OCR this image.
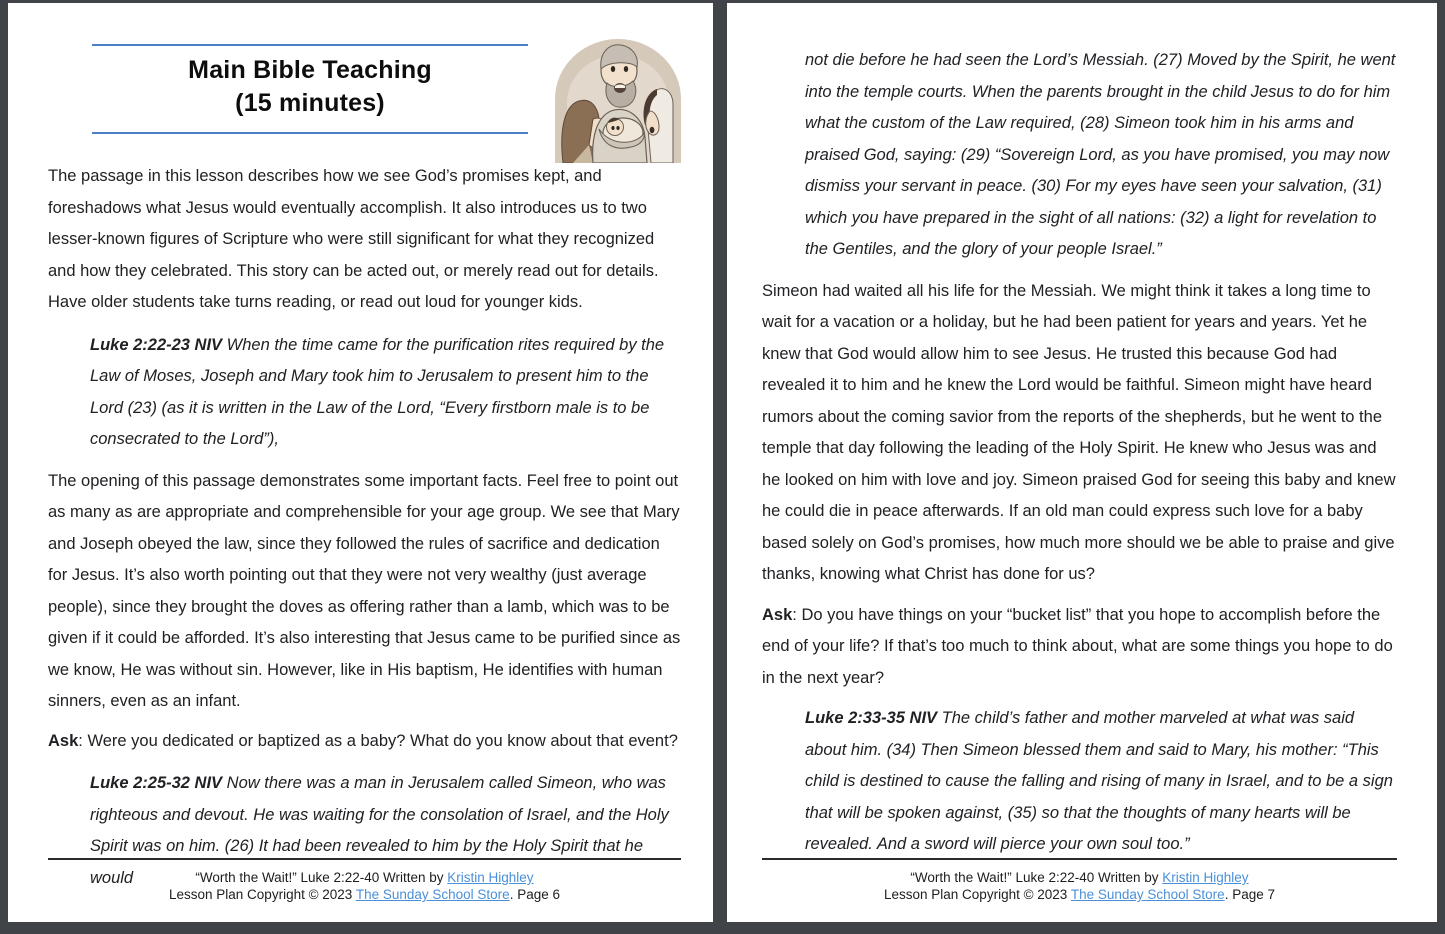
Main Bible Teaching
(15 minutes)

The passage in this lesson describes how we see God’s promises kept, and foreshadows what Jesus would eventually accomplish. It also introduces us to two lesser-known figures of Scripture who were still significant for what they recognized and how they celebrated. This story can be acted out, or merely read out for details. Have older students take turns reading, or read out loud for younger kids.

Luke 2:22-23 NIV When the time came for the purification rites required by the Law of Moses, Joseph and Mary took him to Jerusalem to present him to the Lord (23) (as it is written in the Law of the Lord, “Every firstborn male is to be consecrated to the Lord”),

The opening of this passage demonstrates some important facts. Feel free to point out as many as are appropriate and comprehensible for your age group. We see that Mary and Joseph obeyed the law, since they followed the rules of sacrifice and dedication for Jesus. It’s also worth pointing out that they were not very wealthy (just average people), since they brought the doves as offering rather than a lamb, which was to be given if it could be afforded. It’s also interesting that Jesus came to be purified since as we know, He was without sin. However, like in His baptism, He identifies with human sinners, even as an infant.

Ask: Were you dedicated or baptized as a baby? What do you know about that event?

Luke 2:25-32 NIV Now there was a man in Jerusalem called Simeon, who was righteous and devout. He was waiting for the consolation of Israel, and the Holy Spirit was on him. (26) It had been revealed to him by the Holy Spirit that he would	“Worth the Wait!” Luke 2:22-40 Written by Kristin Highley
Lesson Plan Copyright © 2023 The Sunday School Store. Page 6

not die before he had seen the Lord’s Messiah. (27) Moved by the Spirit, he went into the temple courts. When the parents brought in the child Jesus to do for him what the custom of the Law required, (28) Simeon took him in his arms and praised God, saying: (29) “Sovereign Lord, as you have promised, you may now dismiss your servant in peace. (30) For my eyes have seen your salvation, (31) which you have prepared in the sight of all nations: (32) a light for revelation to the Gentiles, and the glory of your people Israel.”

Simeon had waited all his life for the Messiah. We might think it takes a long time to wait for a vacation or a holiday, but he had been patient for years and years. Yet he knew that God would allow him to see Jesus. He trusted this because God had revealed it to him and he knew the Lord would be faithful. Simeon might have heard rumors about the coming savior from the reports of the shepherds, but he went to the temple that day following the leading of the Holy Spirit. He knew who Jesus was and he looked on him with love and joy. Simeon praised God for seeing this baby and knew he could die in peace afterwards. If an old man could express such love for a baby based solely on God’s promises, how much more should we be able to praise and give thanks, knowing what Christ has done for us?

Ask: Do you have things on your “bucket list” that you hope to accomplish before the end of your life? If that’s too much to think about, what are some things you hope to do in the next year?

Luke 2:33-35 NIV The child’s father and mother marveled at what was said about him. (34) Then Simeon blessed them and said to Mary, his mother: “This child is destined to cause the falling and rising of many in Israel, and to be a sign that will be spoken against, (35) so that the thoughts of many hearts will be revealed. And a sword will pierce your own soul too.”

“Worth the Wait!” Luke 2:22-40 Written by Kristin Highley
Lesson Plan Copyright © 2023 The Sunday School Store. Page 7
